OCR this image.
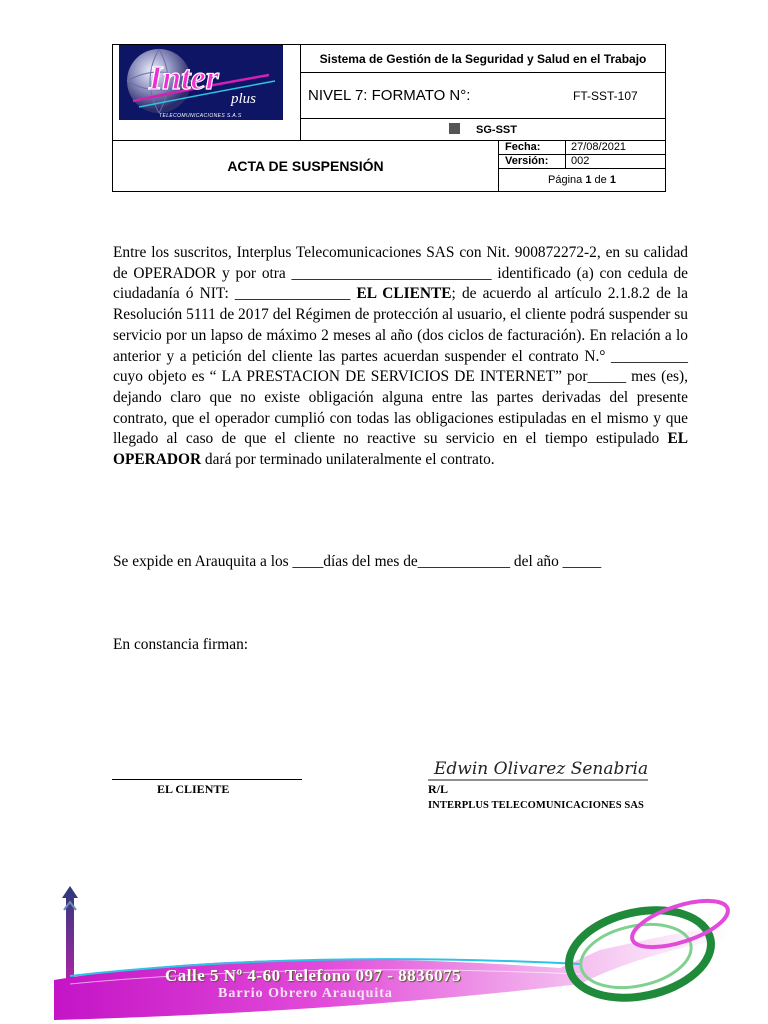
Inter
plus
TELECOMUNICACIONES S.A.S
Sistema de Gestión de la Seguridad y Salud en el Trabajo
NIVEL 7: FORMATO N°:	FT-SST-107
SG-SST
ACTA DE SUSPENSIÓN
Fecha:	27/08/2021
Versión: 002
Página 1 de 1

Entre los suscritos, Interplus Telecomunicaciones SAS con Nit. 900872272-2, en su calidad de OPERADOR y por otra __________________________ identificado (a) con cedula de ciudadanía ó NIT: _______________ EL CLIENTE; de acuerdo al artículo 2.1.8.2 de la Resolución 5111 de 2017 del Régimen de protección al usuario, el cliente podrá suspender su servicio por un lapso de máximo 2 meses al año (dos ciclos de facturación). En relación a lo anterior y a petición del cliente las partes acuerdan suspender el contrato N.° __________ cuyo objeto es “ LA PRESTACION DE SERVICIOS DE INTERNET” por_____ mes (es), dejando claro que no existe obligación alguna entre las partes derivadas del presente contrato, que el operador cumplió con todas las obligaciones estipuladas en el mismo y que llegado al caso de que el cliente no reactive su servicio en el tiempo estipulado EL OPERADOR dará por terminado unilateralmente el contrato.

Se expide en Arauquita a los ____días del mes de____________ del año _____
En constancia firman:
EL CLIENTE
Edwin Olivarez Senabria
R/L
INTERPLUS TELECOMUNICACIONES SAS
Calle 5 Nº 4-60 Telefono 097 - 8836075
Barrio Obrero Arauquita
